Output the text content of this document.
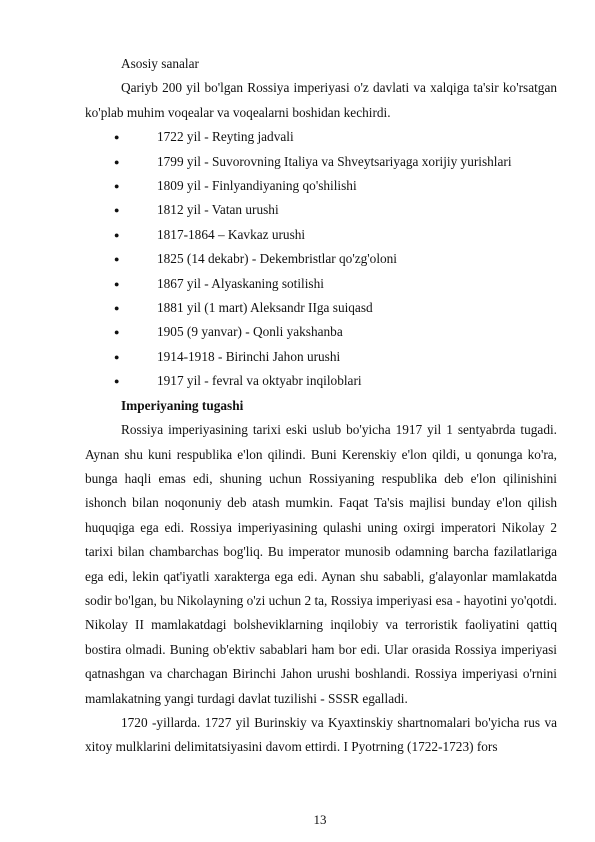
Asosiy sanalar

Qariyb 200 yil bo'lgan Rossiya imperiyasi o'z davlati va xalqiga ta'sir ko'rsatgan ko'plab muhim voqealar va voqealarni boshidan kechirdi.

●	1722 yil - Reyting jadvali
●	1799 yil - Suvorovning Italiya va Shveytsariyaga xorijiy yurishlari
●	1809 yil - Finlyandiyaning qo'shilishi
●	1812 yil - Vatan urushi
●	1817-1864 – Kavkaz urushi
●	1825 (14 dekabr) - Dekembristlar qo'zg'oloni
●	1867 yil - Alyaskaning sotilishi
●	1881 yil (1 mart) Aleksandr IIga suiqasd
●	1905 (9 yanvar) - Qonli yakshanba
●	1914-1918 - Birinchi Jahon urushi
●	1917 yil - fevral va oktyabr inqiloblari

Imperiyaning tugashi

Rossiya imperiyasining tarixi eski uslub bo'yicha 1917 yil 1 sentyabrda tugadi. Aynan shu kuni respublika e'lon qilindi. Buni Kerenskiy e'lon qildi, u qonunga ko'ra, bunga haqli emas edi, shuning uchun Rossiyaning respublika deb e'lon qilinishini ishonch bilan noqonuniy deb atash mumkin. Faqat Ta'sis majlisi bunday e'lon qilish huquqiga ega edi. Rossiya imperiyasining qulashi uning oxirgi imperatori Nikolay 2 tarixi bilan chambarchas bog'liq. Bu imperator munosib odamning barcha fazilatlariga ega edi, lekin qat'iyatli xarakterga ega edi. Aynan shu sababli, g'alayonlar mamlakatda sodir bo'lgan, bu Nikolayning o'zi uchun 2 ta, Rossiya imperiyasi esa - hayotini yo'qotdi. Nikolay II mamlakatdagi bolsheviklarning inqilobiy va terroristik faoliyatini qattiq bostira olmadi. Buning ob'ektiv sabablari ham bor edi. Ular orasida Rossiya imperiyasi qatnashgan va charchagan Birinchi Jahon urushi boshlandi. Rossiya imperiyasi o'rnini mamlakatning yangi turdagi davlat tuzilishi - SSSR egalladi.

1720 -yillarda. 1727 yil Burinskiy va Kyaxtinskiy shartnomalari bo'yicha rus va xitoy mulklarini delimitatsiyasini davom ettirdi. I Pyotrning (1722-1723) fors

13
